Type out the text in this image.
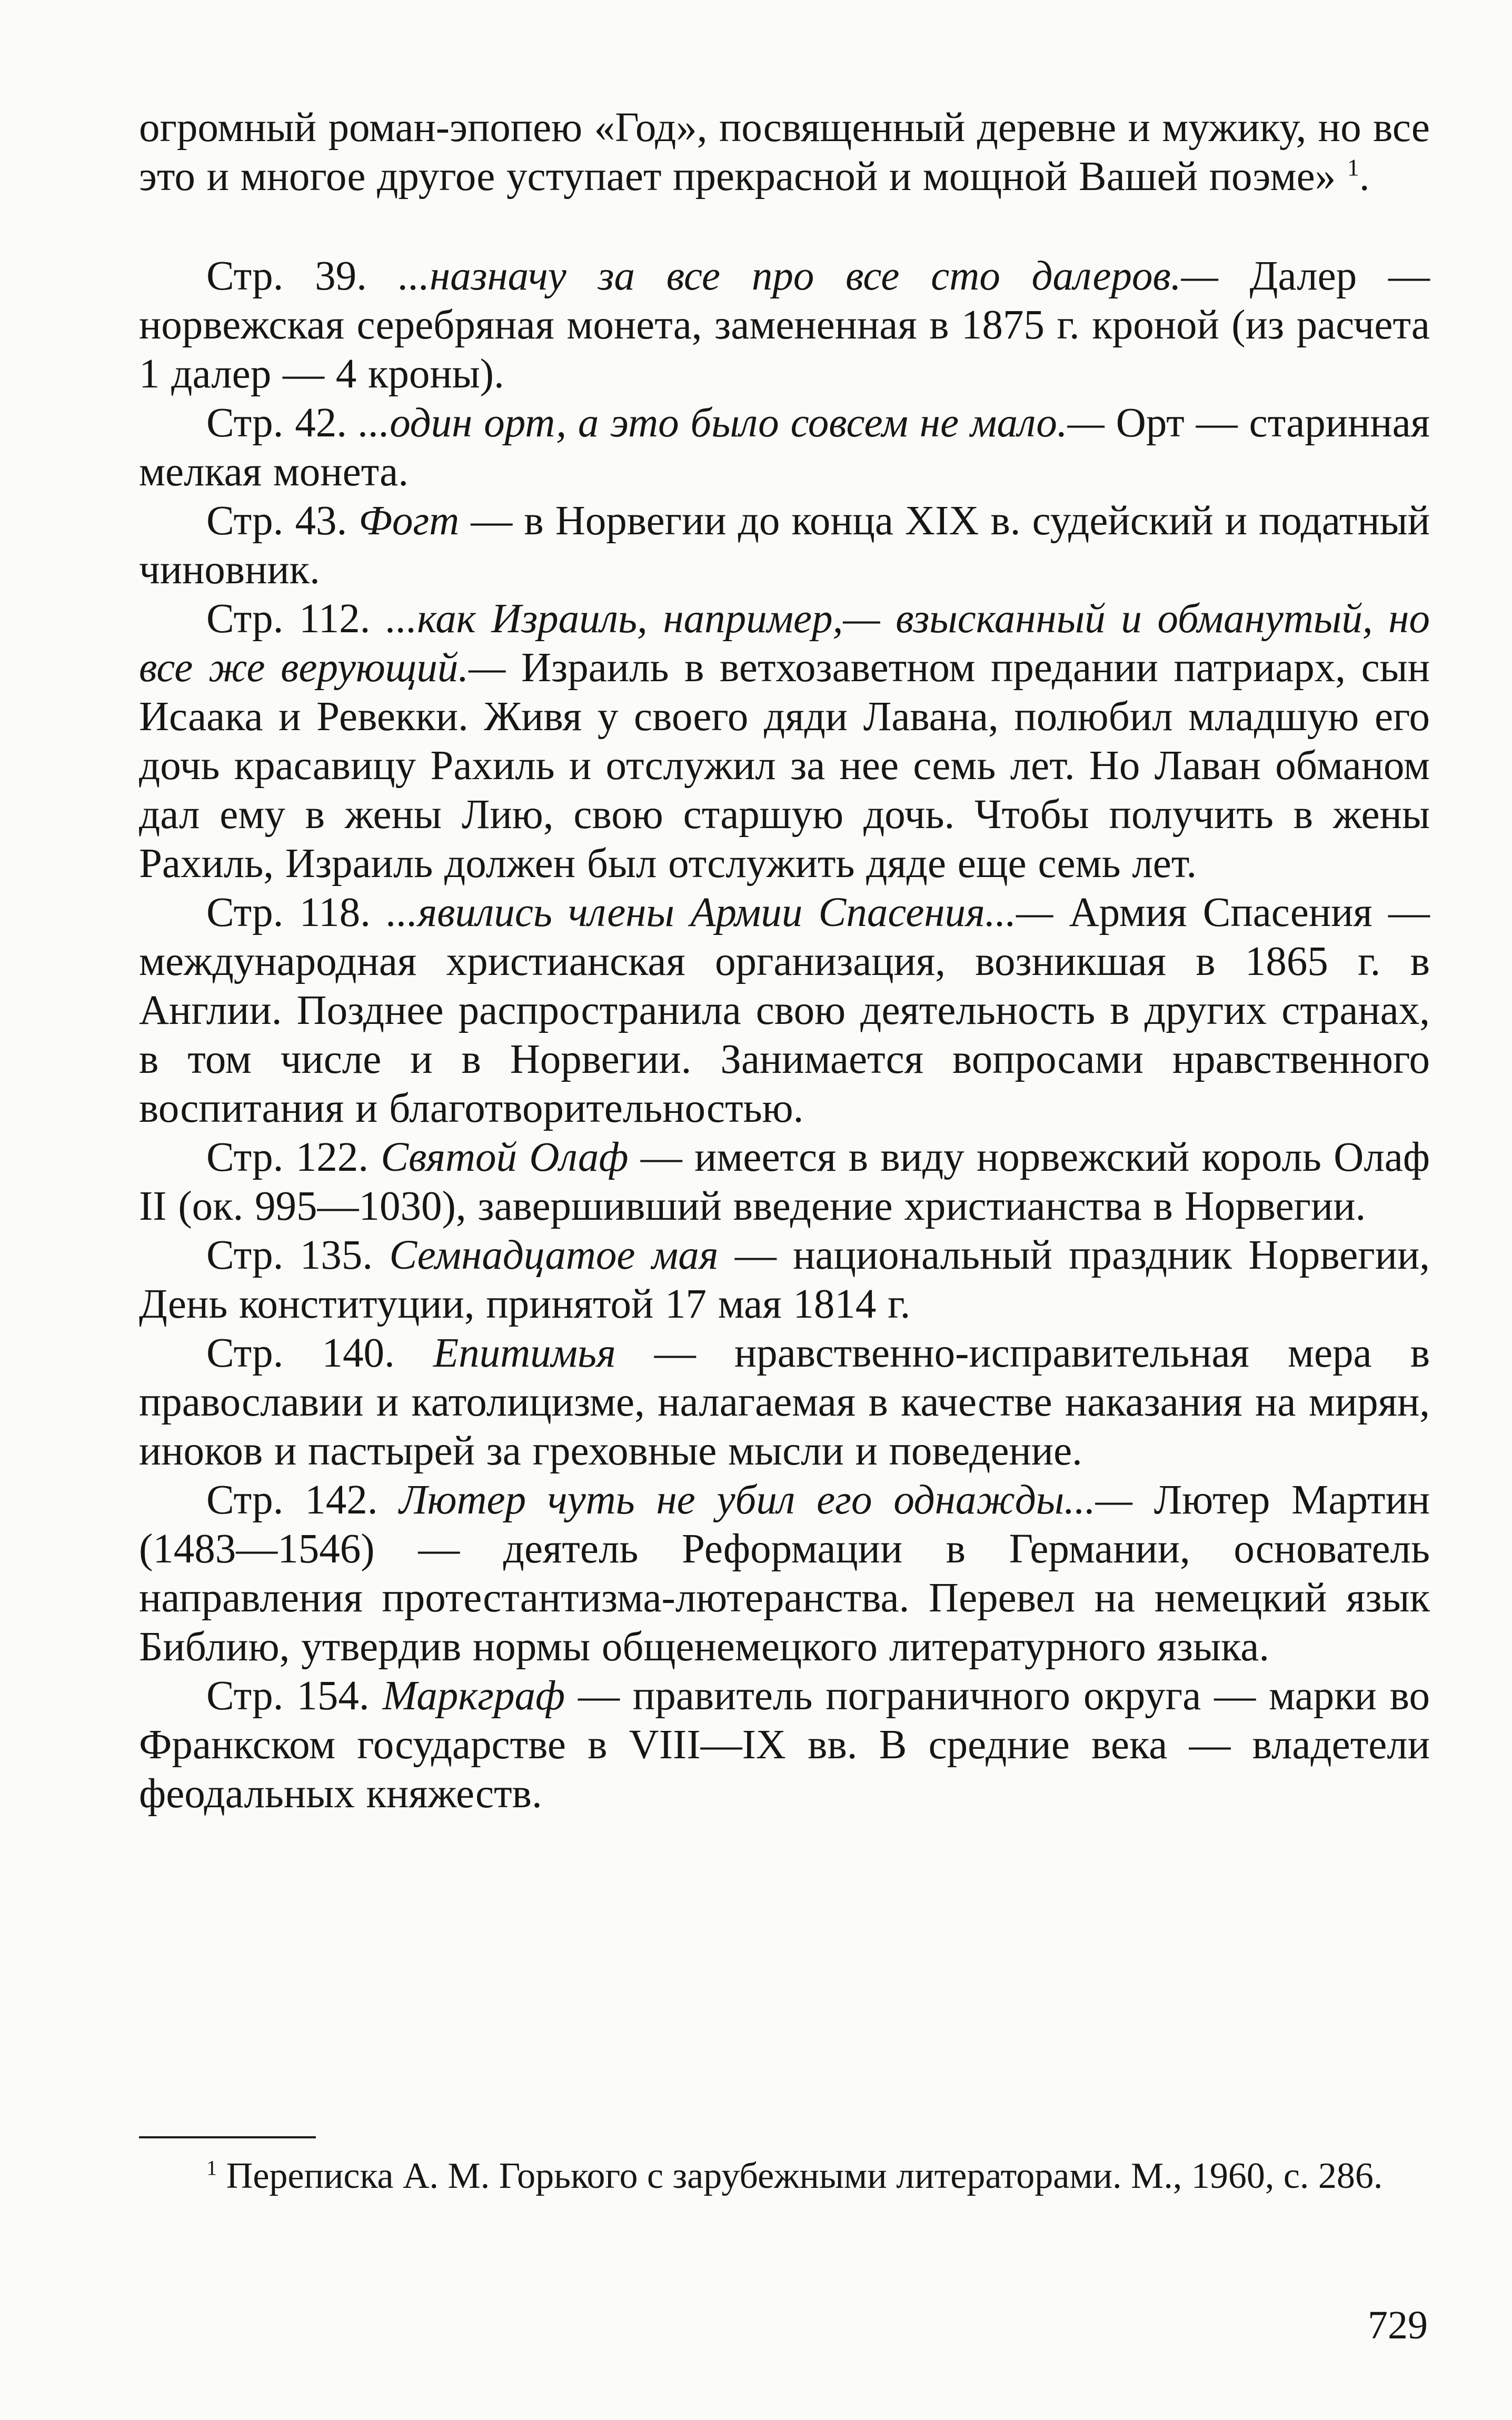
огромный роман-эпопею «Год», посвященный деревне и мужику, но все это и многое другое уступает прекрасной и мощной Вашей поэме» $^1$.

Стр. 39. ...назначу за все про все сто далеров.— Далер — норвежская серебряная монета, замененная в 1875 г. кроной (из расчета 1 далер — 4 кроны).

Стр. 42. ...один орт, а это было совсем не мало.— Орт — старинная мелкая монета.

Стр. 43. Фогт — в Норвегии до конца XIX в. судейский и податный чиновник.

Стр. 112. ...как Израиль, например,— взысканный и обманутый, но все же верующий.— Израиль в ветхозаветном предании патриарх, сын Исаака и Ревекки. Живя у своего дяди Лавана, полюбил младшую его дочь красавицу Рахиль и отслужил за нее семь лет. Но Лаван обманом дал ему в жены Лию, свою старшую дочь. Чтобы получить в жены Рахиль, Израиль должен был отслужить дяде еще семь лет.

Стр. 118. ...явились члены Армии Спасения...— Армия Спасения — международная христианская организация, возникшая в 1865 г. в Англии. Позднее распространила свою деятельность в других странах, в том числе и в Норвегии. Занимается вопросами нравственного воспитания и благотворительностью.

Стр. 122. Святой Олаф — имеется в виду норвежский король Олаф II (ок. 995—1030), завершивший введение христианства в Норвегии.

Стр. 135. Семнадцатое мая — национальный праздник Норвегии, День конституции, принятой 17 мая 1814 г.

Стр. 140. Епитимья — нравственно-исправительная мера в православии и католицизме, налагаемая в качестве наказания на мирян, иноков и пастырей за греховные мысли и поведение.

Стр. 142. Лютер чуть не убил его однажды...— Лютер Мартин (1483—1546) — деятель Реформации в Германии, основатель направления протестантизма-лютеранства. Перевел на немецкий язык Библию, утвердив нормы общенемецкого литературного языка.

Стр. 154. Маркграф — правитель пограничного округа — марки во Франкском государстве в VIII—IX вв. В средние века — владетели феодальных княжеств.

$^1$ Переписка А. М. Горького с зарубежными литераторами. М., 1960, с. 286.

729
